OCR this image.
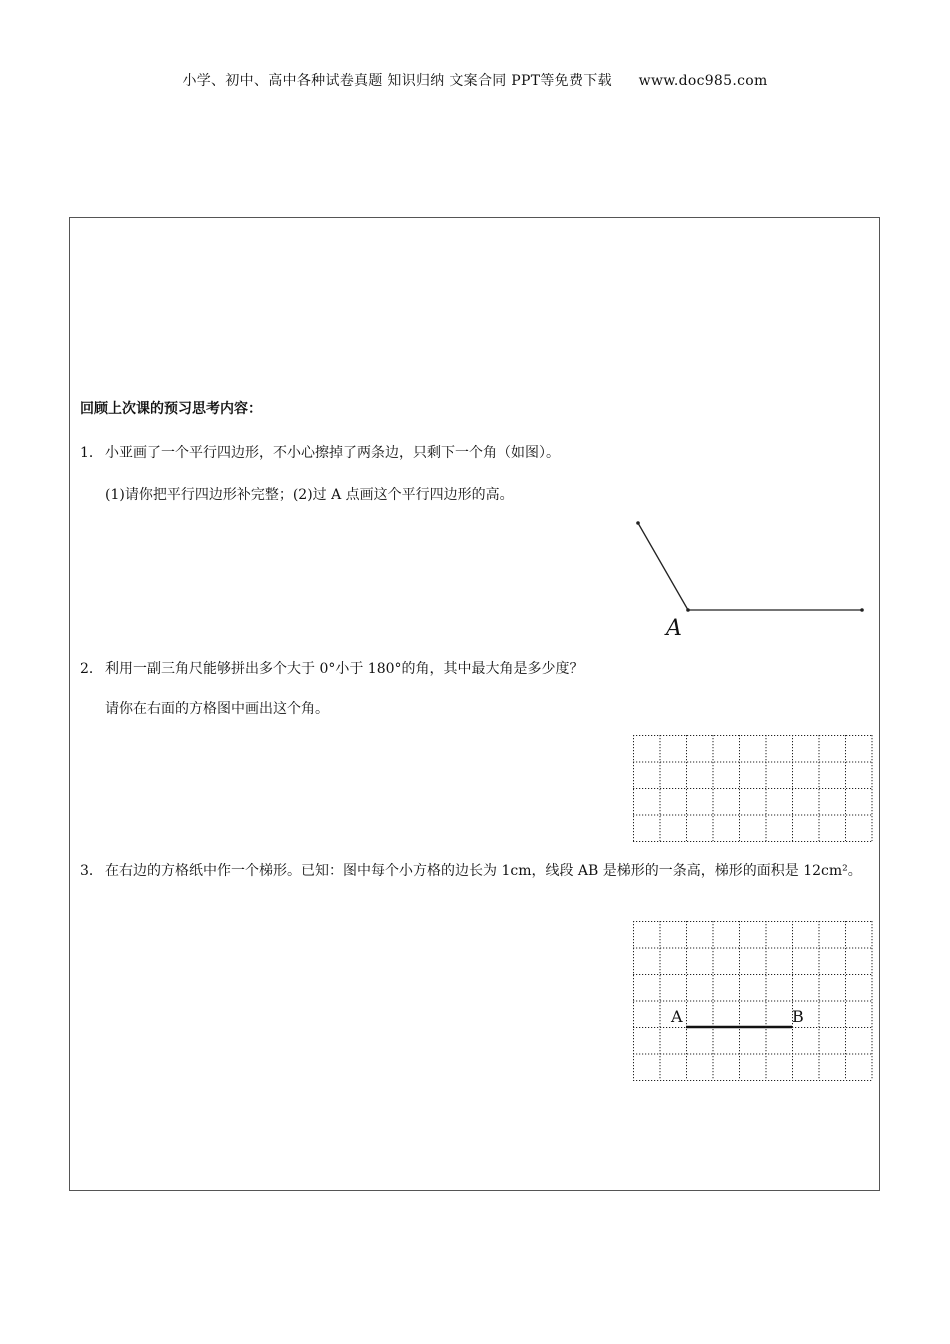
小学、初中、高中各种试卷真题 知识归纳 文案合同 PPT等免费下载 www.doc985.com
回顾上次课的预习思考内容：
1． 小亚画了一个平行四边形，不小心擦掉了两条边，只剩下一个角（如图）。
(1)请你把平行四边形补完整；(2)过 A 点画这个平行四边形的高。
A
2． 利用一副三角尺能够拼出多个大于 0°小于 180°的角，其中最大角是多少度？
请你在右面的方格图中画出这个角。
3． 在右边的方格纸中作一个梯形。已知：图中每个小方格的边长为 1cm，线段 AB 是梯形的一条高，梯形的面积是 12cm²。
A	B
